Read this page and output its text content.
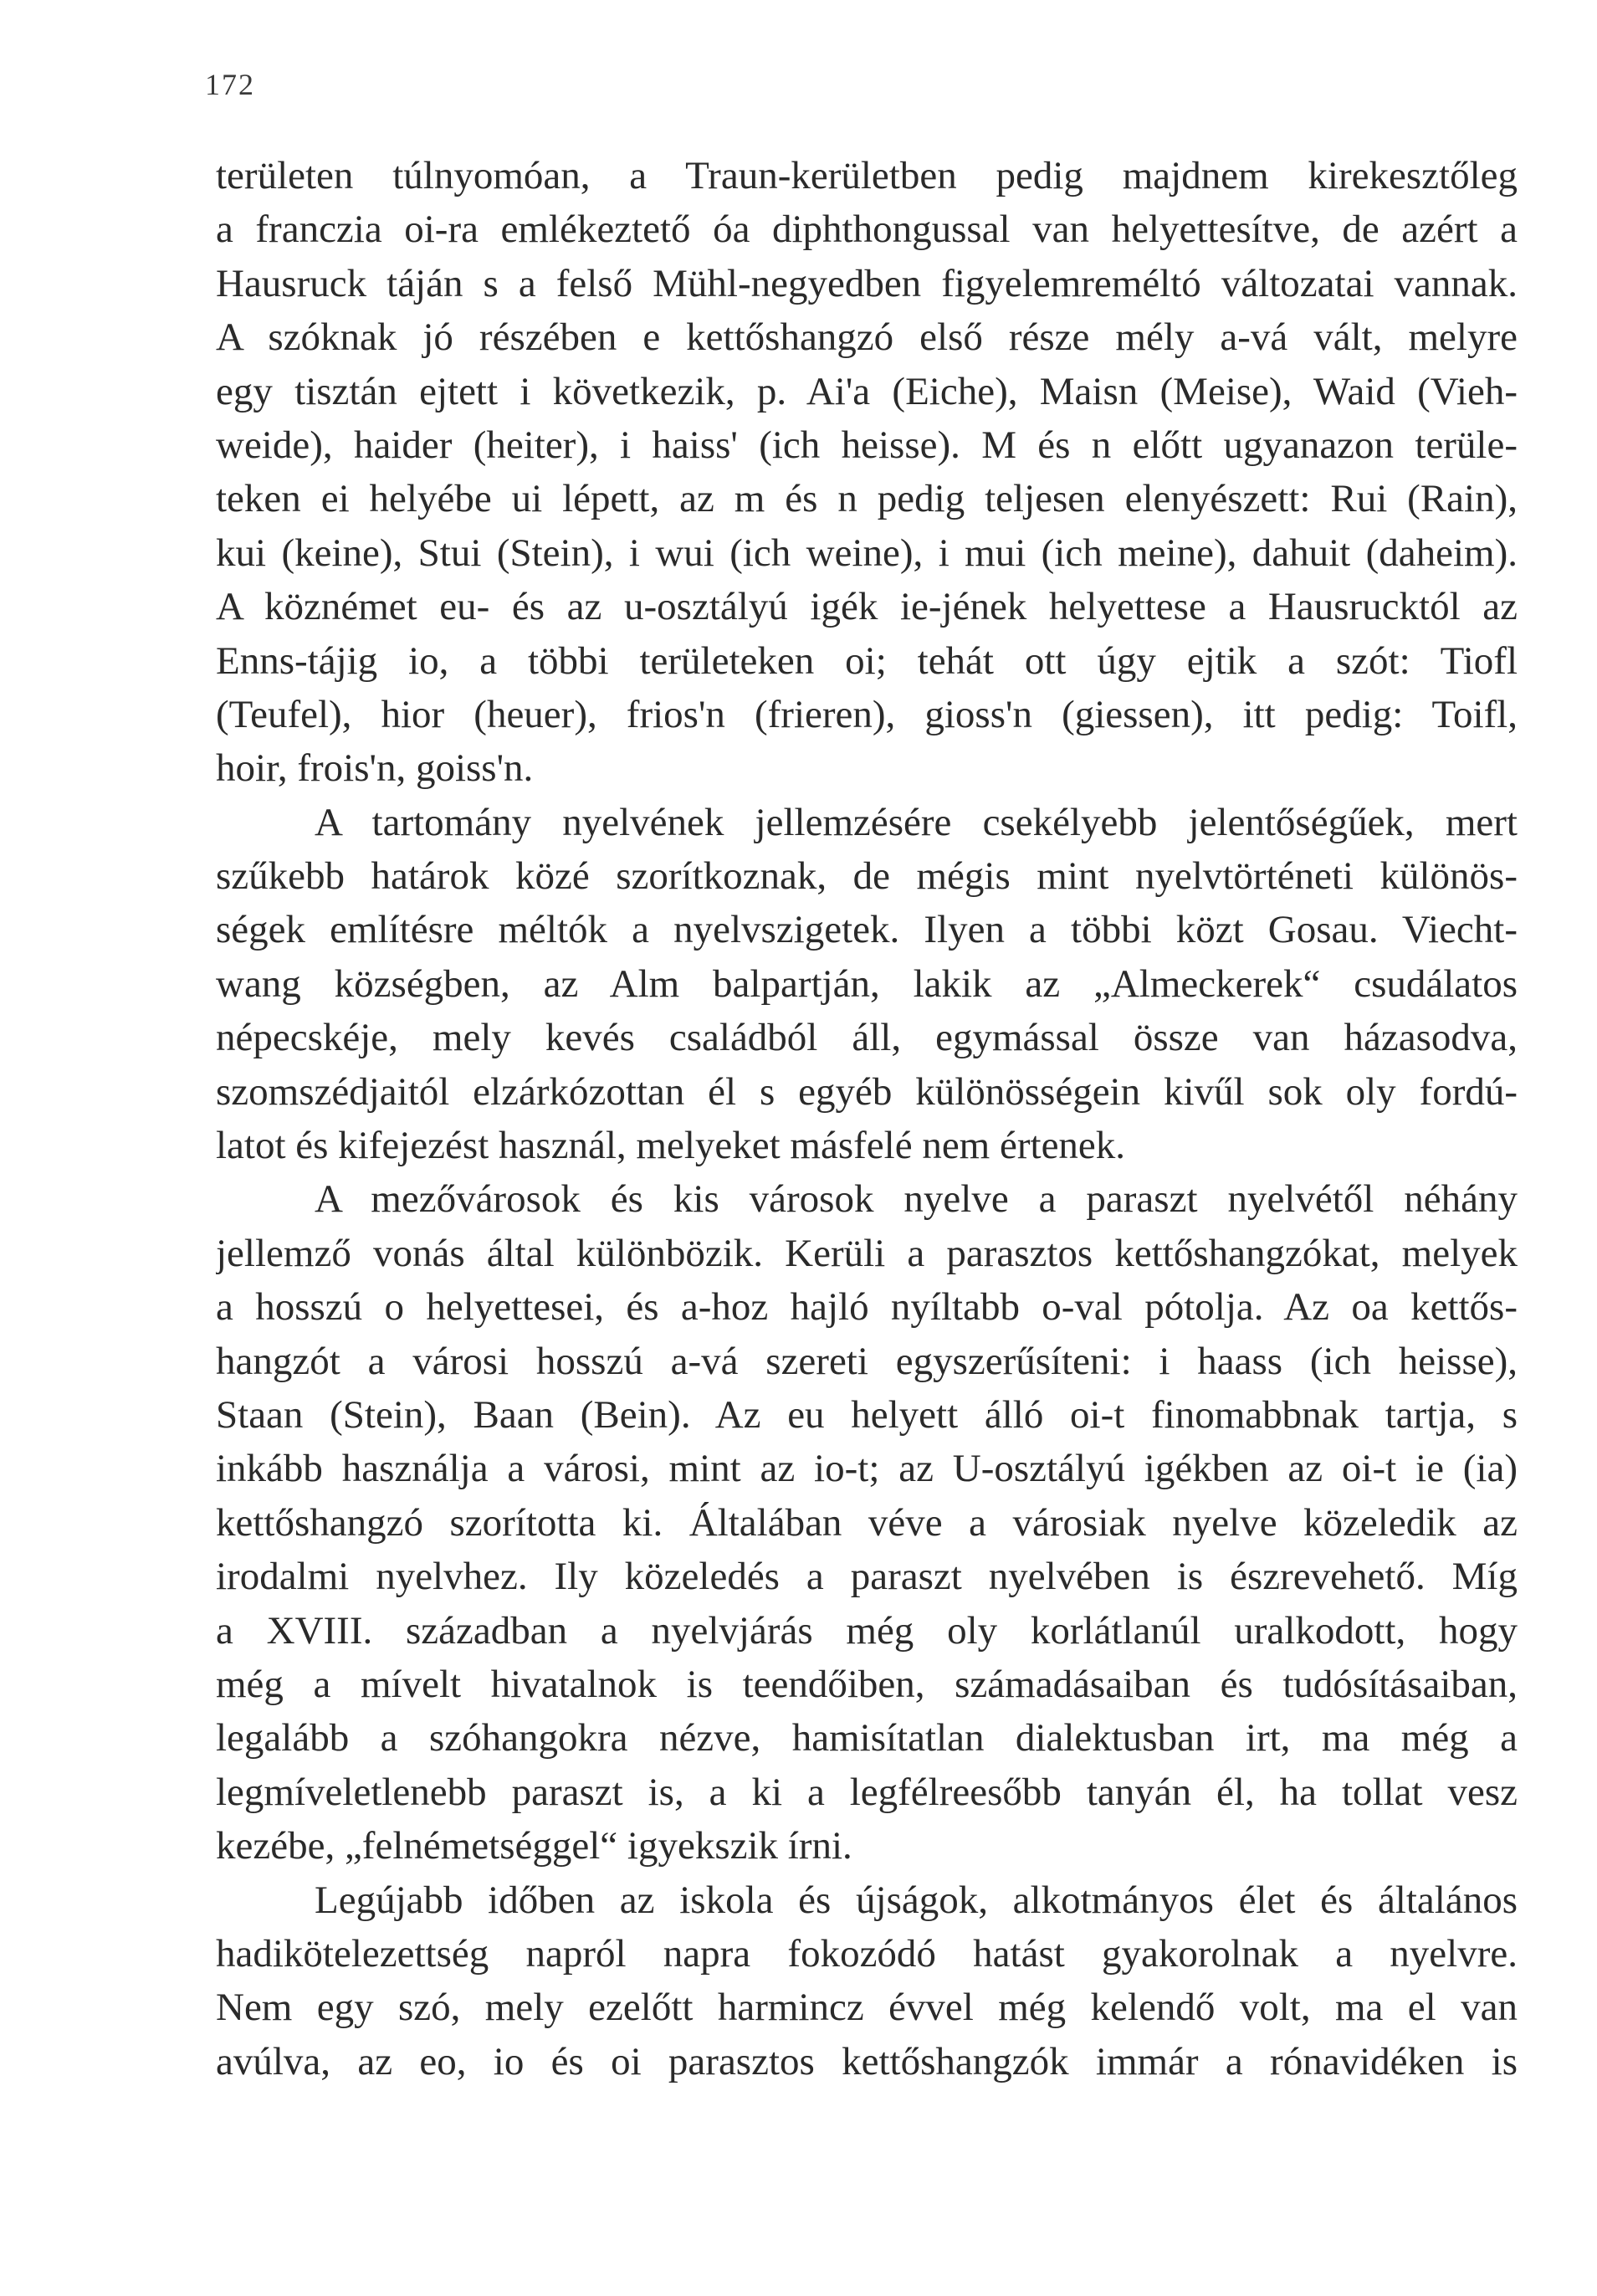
172
területen túlnyomóan, a Traun-kerületben pedig majdnem kirekesztőleg
a franczia oi-ra emlékeztető óa diphthongussal van helyettesítve, de azért a
Hausruck táján s a felső Mühl-negyedben figyelemreméltó változatai vannak.
A szóknak jó részében e kettőshangzó első része mély a-vá vált, melyre
egy tisztán ejtett i következik, p. Ai'a (Eiche), Maisn (Meise), Waid (Vieh-
weide), haider (heiter), i haiss' (ich heisse). M és n előtt ugyanazon terüle-
teken ei helyébe ui lépett, az m és n pedig teljesen elenyészett: Rui (Rain),
kui (keine), Stui (Stein), i wui (ich weine), i mui (ich meine), dahuit (daheim).
A köznémet eu- és az u-osztályú igék ie-jének helyettese a Hausrucktól az
Enns-tájig io, a többi területeken oi; tehát ott úgy ejtik a szót: Tiofl
(Teufel), hior (heuer), frios'n (frieren), gioss'n (giessen), itt pedig: Toifl,
hoir, frois'n, goiss'n.
A tartomány nyelvének jellemzésére csekélyebb jelentőségűek, mert
szűkebb határok közé szorítkoznak, de mégis mint nyelvtörténeti különös-
ségek említésre méltók a nyelvszigetek. Ilyen a többi közt Gosau. Viecht-
wang községben, az Alm balpartján, lakik az „Almeckerek“ csudálatos
népecskéje, mely kevés családból áll, egymással össze van házasodva,
szomszédjaitól elzárkózottan él s egyéb különösségein kivűl sok oly fordú-
latot és kifejezést használ, melyeket másfelé nem értenek.
A mezővárosok és kis városok nyelve a paraszt nyelvétől néhány
jellemző vonás által különbözik. Kerüli a parasztos kettőshangzókat, melyek
a hosszú o helyettesei, és a-hoz hajló nyíltabb o-val pótolja. Az oa kettős-
hangzót a városi hosszú a-vá szereti egyszerűsíteni: i haass (ich heisse),
Staan (Stein), Baan (Bein). Az eu helyett álló oi-t finomabbnak tartja, s
inkább használja a városi, mint az io-t; az U-osztályú igékben az oi-t ie (ia)
kettőshangzó szorította ki. Általában véve a városiak nyelve közeledik az
irodalmi nyelvhez. Ily közeledés a paraszt nyelvében is észrevehető. Míg
a XVIII. században a nyelvjárás még oly korlátlanúl uralkodott, hogy
még a mívelt hivatalnok is teendőiben, számadásaiban és tudósításaiban,
legalább a szóhangokra nézve, hamisítatlan dialektusban irt, ma még a
legmíveletlenebb paraszt is, a ki a legfélreesőbb tanyán él, ha tollat vesz
kezébe, „felnémetséggel“ igyekszik írni.
Legújabb időben az iskola és újságok, alkotmányos élet és általános
hadikötelezettség napról napra fokozódó hatást gyakorolnak a nyelvre.
Nem egy szó, mely ezelőtt harmincz évvel még kelendő volt, ma el van
avúlva, az eo, io és oi parasztos kettőshangzók immár a rónavidéken is
